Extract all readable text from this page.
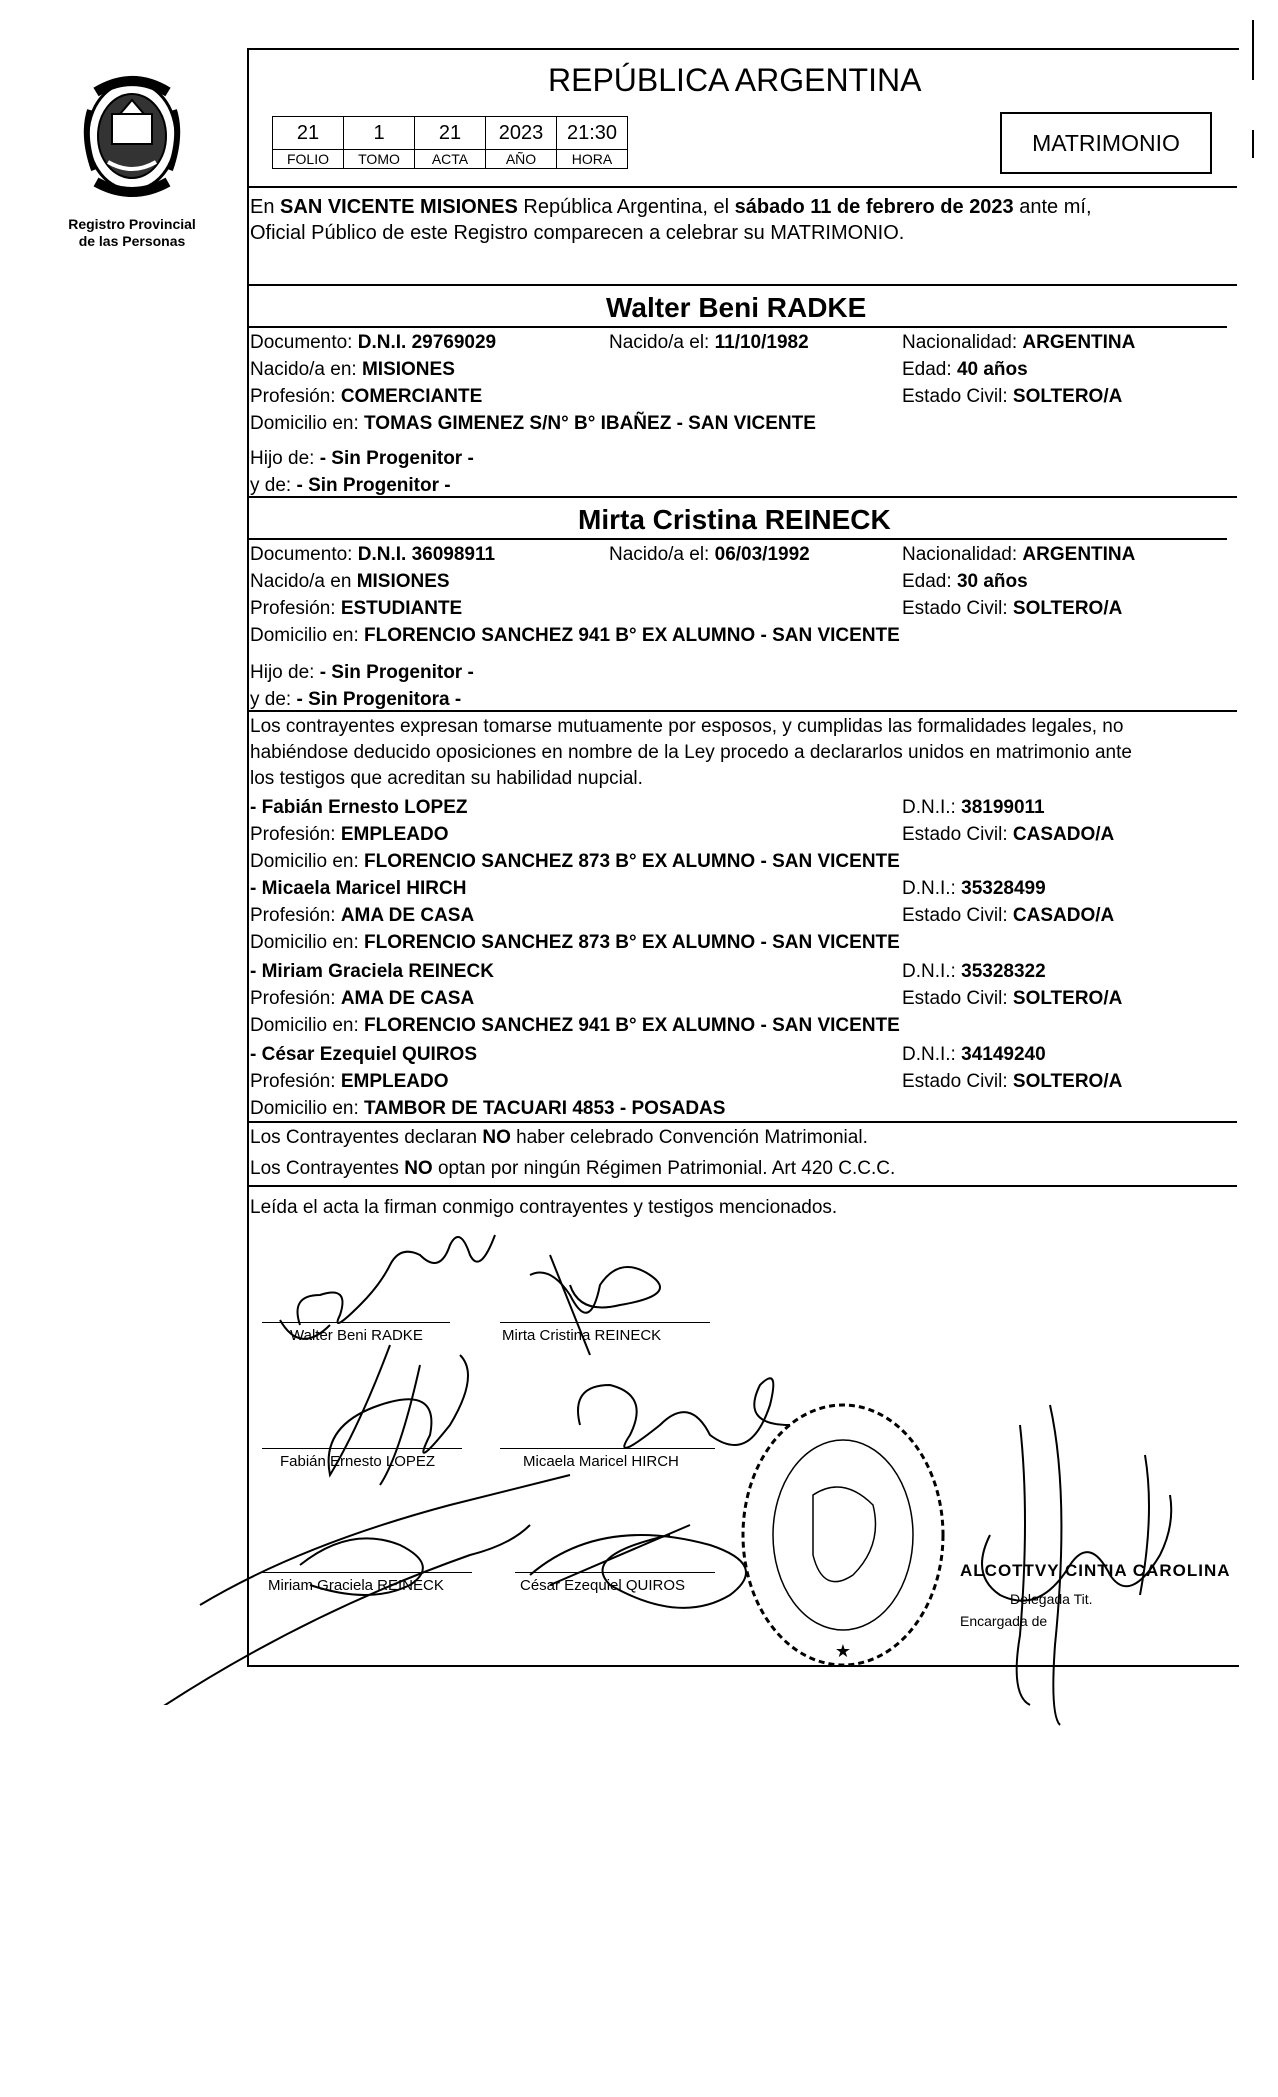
Registro Provincial
de las Personas
REPÚBLICA ARGENTINA
21	1	21	2023	21:30
FOLIO	TOMO	ACTA	AÑO	HORA
MATRIMONIO
En SAN VICENTE MISIONES República Argentina, el sábado 11 de febrero de 2023 ante mí,
Oficial Público de este Registro comparecen a celebrar su MATRIMONIO.
Walter Beni RADKE
Documento: D.N.I. 29769029	Nacido/a el: 11/10/1982	Nacionalidad: ARGENTINA
Nacido/a en: MISIONES	Edad: 40 años
Profesión: COMERCIANTE	Estado Civil: SOLTERO/A
Domicilio en: TOMAS GIMENEZ S/N° B° IBAÑEZ - SAN VICENTE
Hijo de: - Sin Progenitor -
y de: - Sin Progenitor -
Mirta Cristina REINECK
Documento: D.N.I. 36098911	Nacido/a el: 06/03/1992	Nacionalidad: ARGENTINA
Nacido/a en MISIONES	Edad: 30 años
Profesión: ESTUDIANTE	Estado Civil: SOLTERO/A
Domicilio en: FLORENCIO SANCHEZ 941 B° EX ALUMNO - SAN VICENTE
Hijo de: - Sin Progenitor -
y de: - Sin Progenitora -
Los contrayentes expresan tomarse mutuamente por esposos, y cumplidas las formalidades legales, no
habiéndose deducido oposiciones en nombre de la Ley procedo a declararlos unidos en matrimonio ante
los testigos que acreditan su habilidad nupcial.
- Fabián Ernesto LOPEZ	D.N.I.: 38199011
Profesión: EMPLEADO	Estado Civil: CASADO/A
Domicilio en: FLORENCIO SANCHEZ 873 B° EX ALUMNO - SAN VICENTE
- Micaela Maricel HIRCH	D.N.I.: 35328499
Profesión: AMA DE CASA	Estado Civil: CASADO/A
Domicilio en: FLORENCIO SANCHEZ 873 B° EX ALUMNO - SAN VICENTE
- Miriam Graciela REINECK	D.N.I.: 35328322
Profesión: AMA DE CASA	Estado Civil: SOLTERO/A
Domicilio en: FLORENCIO SANCHEZ 941 B° EX ALUMNO - SAN VICENTE
- César Ezequiel QUIROS	D.N.I.: 34149240
Profesión: EMPLEADO	Estado Civil: SOLTERO/A
Domicilio en: TAMBOR DE TACUARI 4853 - POSADAS
Los Contrayentes declaran NO haber celebrado Convención Matrimonial.
Los Contrayentes NO optan por ningún Régimen Patrimonial. Art 420 C.C.C.
Leída el acta la firman conmigo contrayentes y testigos mencionados.
Walter Beni RADKE	Mirta Cristina REINECK
Fabián Ernesto LOPEZ	Micaela Maricel HIRCH
Miriam Graciela REINECK	César Ezequiel QUIROS
★
ALCOTTVY CINTIA CAROLINA
Delegada Tit.
Encargada de
